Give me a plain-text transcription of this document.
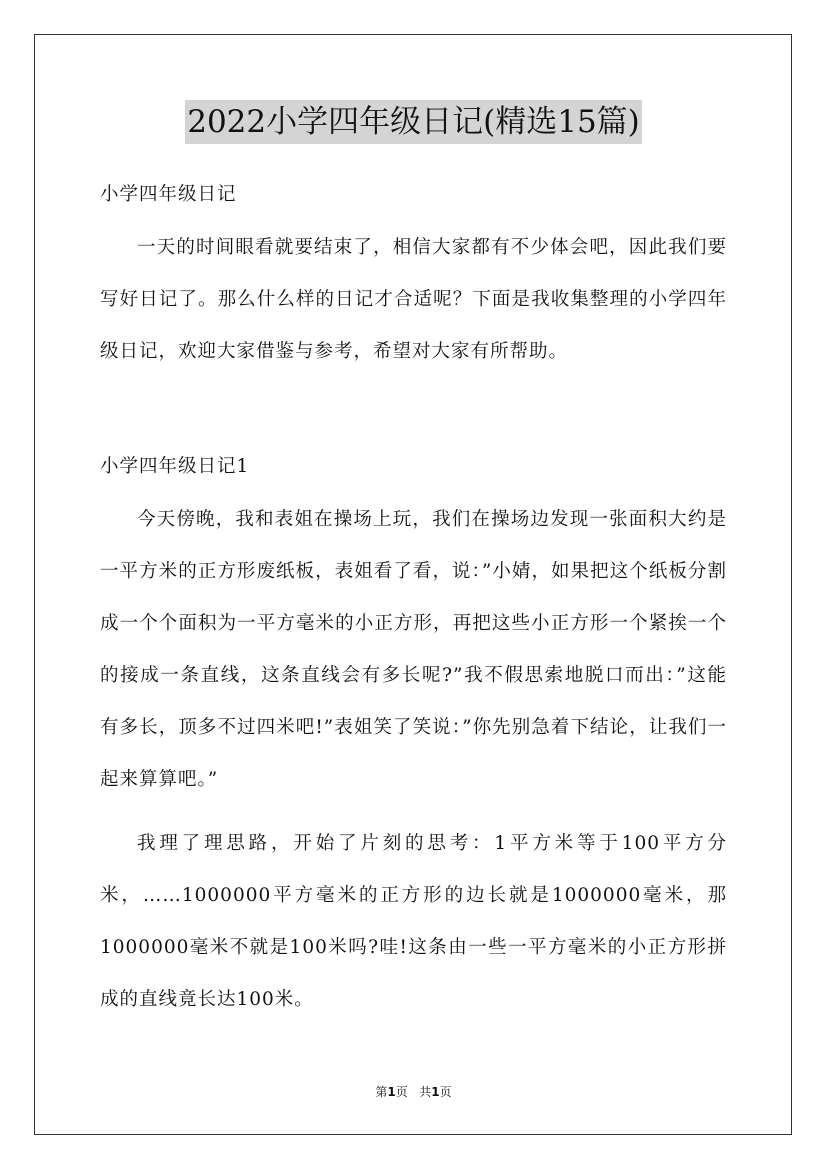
2022小学四年级日记(精选15篇)
小学四年级日记

一天的时间眼看就要结束了，相信大家都有不少体会吧，因此我们要写好日记了。那么什么样的日记才合适呢？下面是我收集整理的小学四年级日记，欢迎大家借鉴与参考，希望对大家有所帮助。

小学四年级日记1

今天傍晚，我和表姐在操场上玩，我们在操场边发现一张面积大约是一平方米的正方形废纸板，表姐看了看，说：”小婧，如果把这个纸板分割成一个个面积为一平方毫米的小正方形，再把这些小正方形一个紧挨一个的接成一条直线，这条直线会有多长呢?”我不假思索地脱口而出：”这能有多长，顶多不过四米吧!”表姐笑了笑说：”你先别急着下结论，让我们一起来算算吧。”

我理了理思路，开始了片刻的思考：1平方米等于100平方分米，……1000000平方毫米的正方形的边长就是1000000毫米，那1000000毫米不就是100米吗?哇!这条由一些一平方毫米的小正方形拼成的直线竟长达100米。

第1页 共1页
